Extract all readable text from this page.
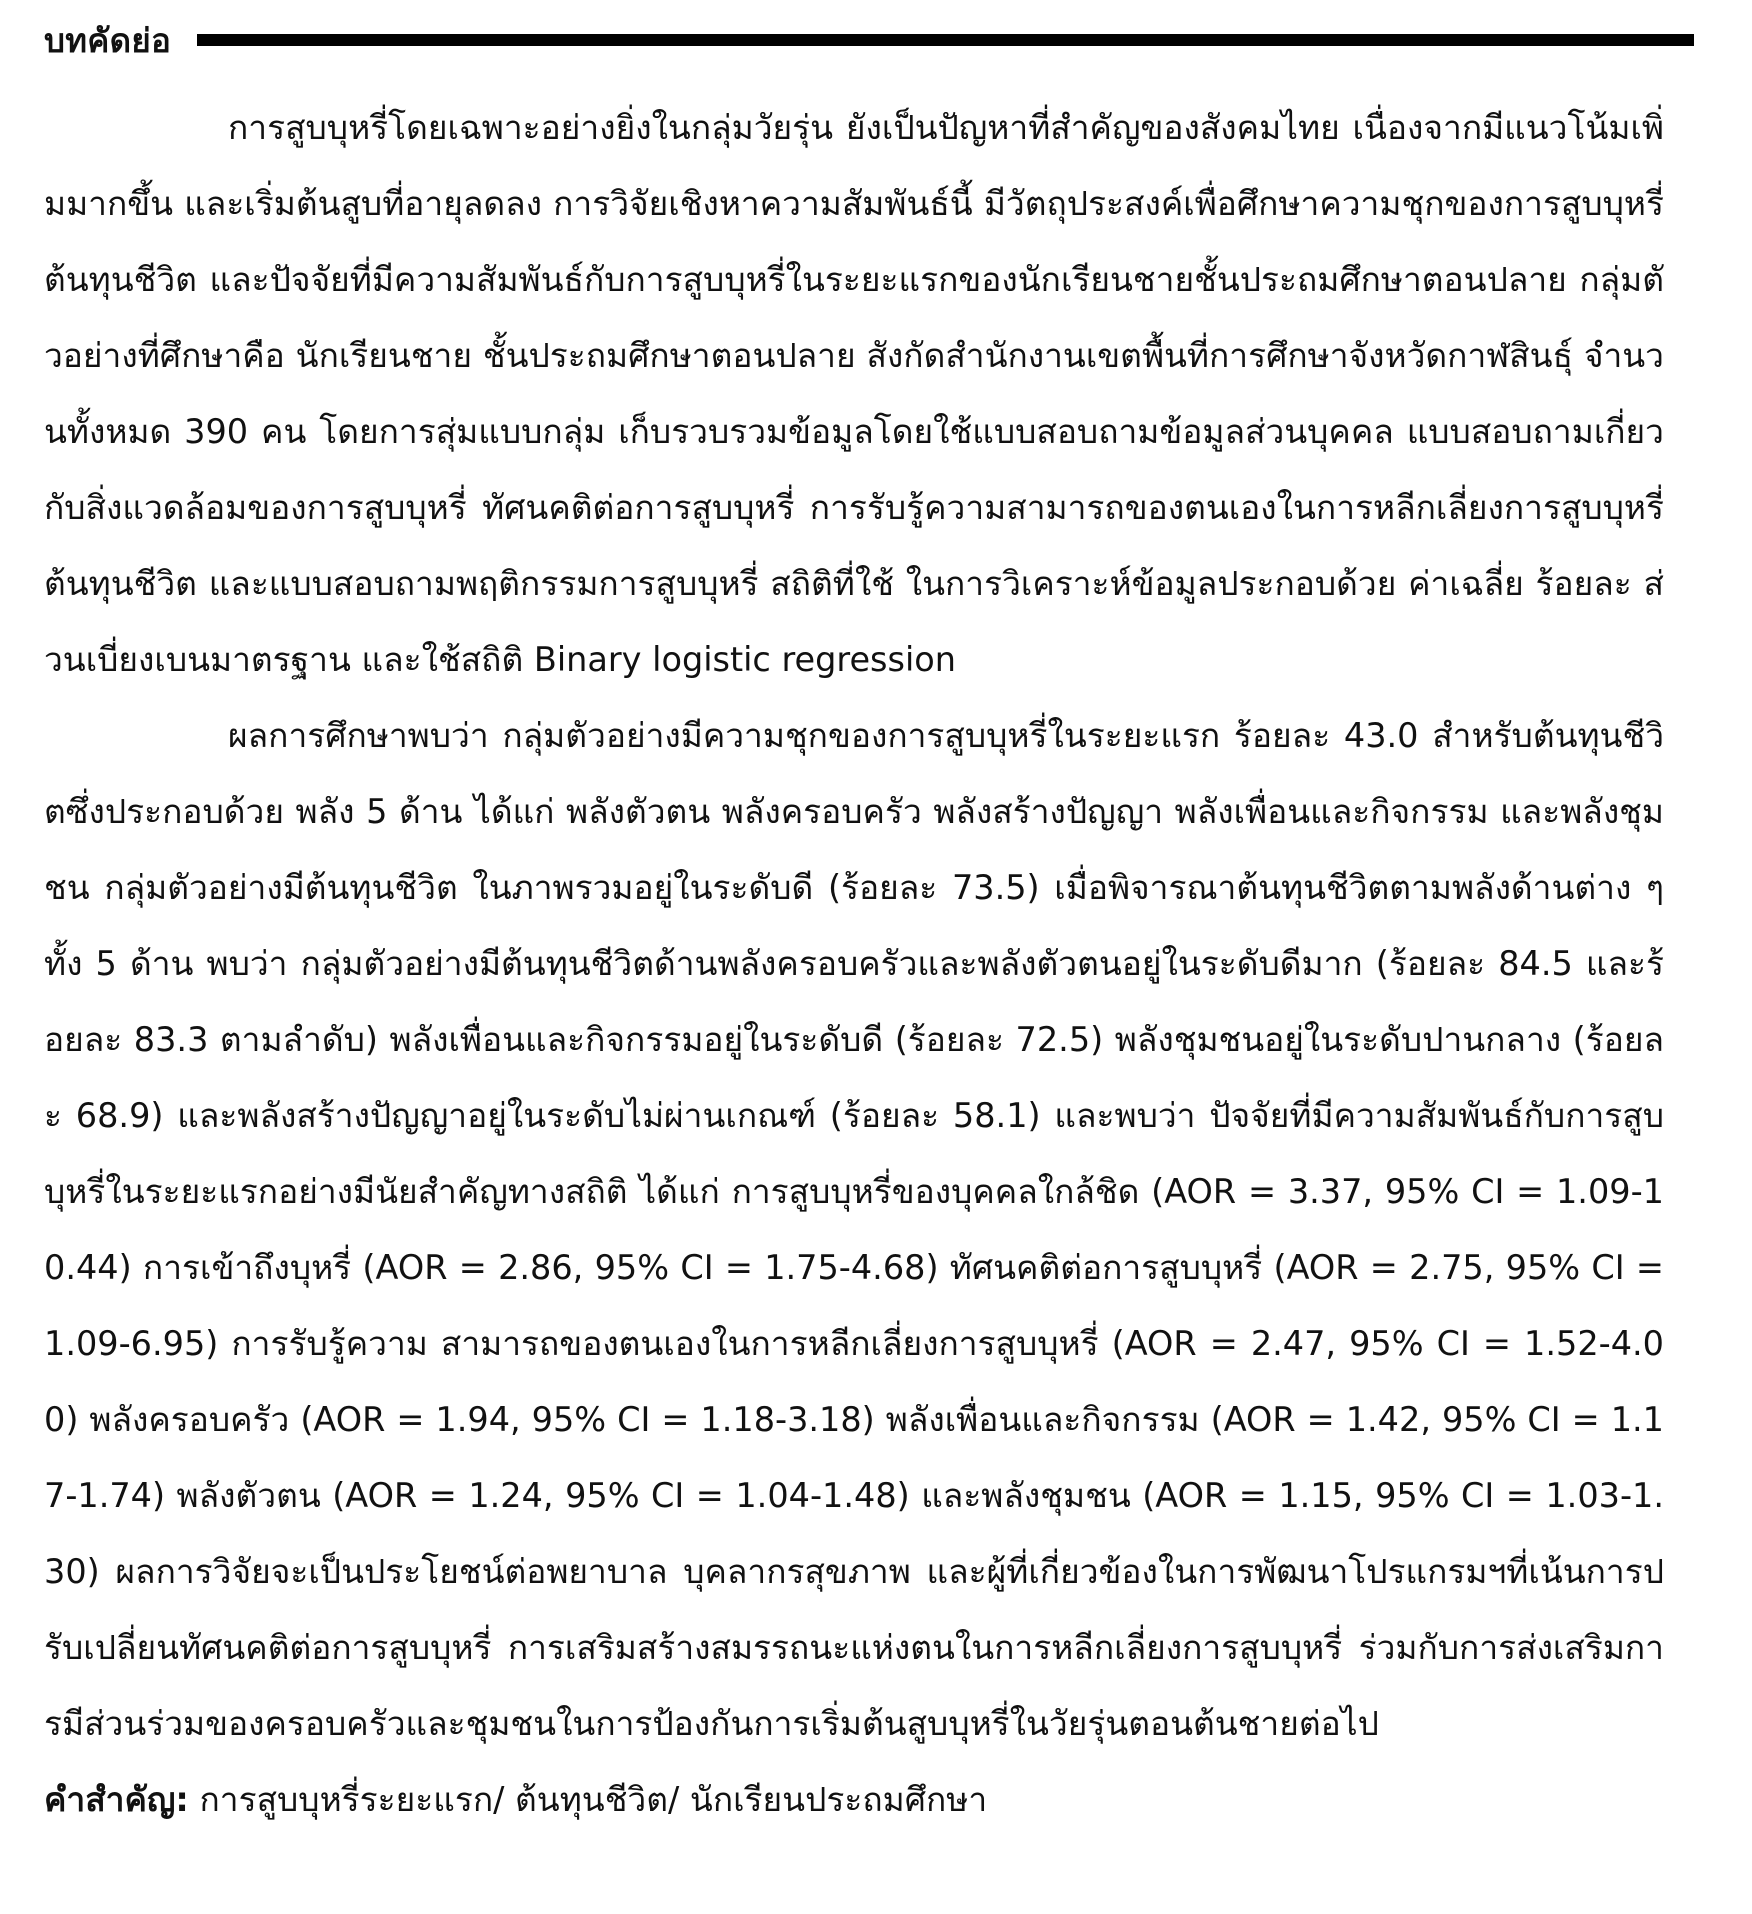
บทคัดย่อ

การสูบบุหรี่โดยเฉพาะอย่างยิ่งในกลุ่มวัยรุ่น ยังเป็นปัญหาที่สำคัญของสังคมไทย เนื่องจากมีแนวโน้มเพิ่มมากขึ้น และเริ่มต้นสูบที่อายุลดลง การวิจัยเชิงหาความสัมพันธ์นี้ มีวัตถุประสงค์เพื่อศึกษาความชุกของการสูบบุหรี่ ต้นทุนชีวิต และปัจจัยที่มีความสัมพันธ์กับการสูบบุหรี่ในระยะแรกของนักเรียนชายชั้นประถมศึกษาตอนปลาย กลุ่มตัวอย่างที่ศึกษาคือ นักเรียนชาย ชั้นประถมศึกษาตอนปลาย สังกัดสำนักงานเขตพื้นที่การศึกษาจังหวัดกาฬสินธุ์ จำนวนทั้งหมด 390 คน โดยการสุ่มแบบกลุ่ม เก็บรวบรวมข้อมูลโดยใช้แบบสอบถามข้อมูลส่วนบุคคล แบบสอบถามเกี่ยวกับสิ่งแวดล้อมของการสูบบุหรี่ ทัศนคติต่อการสูบบุหรี่ การรับรู้ความสามารถของตนเองในการหลีกเลี่ยงการสูบบุหรี่ ต้นทุนชีวิต และแบบสอบถามพฤติกรรมการสูบบุหรี่ สถิติที่ใช้ ในการวิเคราะห์ข้อมูลประกอบด้วย ค่าเฉลี่ย ร้อยละ ส่วนเบี่ยงเบนมาตรฐาน และใช้สถิติ Binary logistic regression

ผลการศึกษาพบว่า กลุ่มตัวอย่างมีความชุกของการสูบบุหรี่ในระยะแรก ร้อยละ 43.0 สำหรับต้นทุนชีวิตซึ่งประกอบด้วย พลัง 5 ด้าน ได้แก่ พลังตัวตน พลังครอบครัว พลังสร้างปัญญา พลังเพื่อนและกิจกรรม และพลังชุมชน กลุ่มตัวอย่างมีต้นทุนชีวิต ในภาพรวมอยู่ในระดับดี (ร้อยละ 73.5) เมื่อพิจารณาต้นทุนชีวิตตามพลังด้านต่าง ๆ ทั้ง 5 ด้าน พบว่า กลุ่มตัวอย่างมีต้นทุนชีวิตด้านพลังครอบครัวและพลังตัวตนอยู่ในระดับดีมาก (ร้อยละ 84.5 และร้อยละ 83.3 ตามลำดับ) พลังเพื่อนและกิจกรรมอยู่ในระดับดี (ร้อยละ 72.5) พลังชุมชนอยู่ในระดับปานกลาง (ร้อยละ 68.9) และพลังสร้างปัญญาอยู่ในระดับไม่ผ่านเกณฑ์ (ร้อยละ 58.1) และพบว่า ปัจจัยที่มีความสัมพันธ์กับการสูบบุหรี่ในระยะแรกอย่างมีนัยสำคัญทางสถิติ ได้แก่ การสูบบุหรี่ของบุคคลใกล้ชิด (AOR = 3.37, 95% CI = 1.09-10.44) การเข้าถึงบุหรี่ (AOR = 2.86, 95% CI = 1.75-4.68) ทัศนคติต่อการสูบบุหรี่ (AOR = 2.75, 95% CI = 1.09-6.95) การรับรู้ความ สามารถของตนเองในการหลีกเลี่ยงการสูบบุหรี่ (AOR = 2.47, 95% CI = 1.52-4.00) พลังครอบครัว (AOR = 1.94, 95% CI = 1.18-3.18) พลังเพื่อนและกิจกรรม (AOR = 1.42, 95% CI = 1.17-1.74) พลังตัวตน (AOR = 1.24, 95% CI = 1.04-1.48) และพลังชุมชน (AOR = 1.15, 95% CI = 1.03-1.30) ผลการวิจัยจะเป็นประโยชน์ต่อพยาบาล บุคลากรสุขภาพ และผู้ที่เกี่ยวข้องในการพัฒนาโปรแกรมฯที่เน้นการปรับเปลี่ยนทัศนคติต่อการสูบบุหรี่ การเสริมสร้างสมรรถนะแห่งตนในการหลีกเลี่ยงการสูบบุหรี่ ร่วมกับการส่งเสริมการมีส่วนร่วมของครอบครัวและชุมชนในการป้องกันการเริ่มต้นสูบบุหรี่ในวัยรุ่นตอนต้นชายต่อไป

คำสำคัญ: การสูบบุหรี่ระยะแรก/ ต้นทุนชีวิต/ นักเรียนประถมศึกษา
